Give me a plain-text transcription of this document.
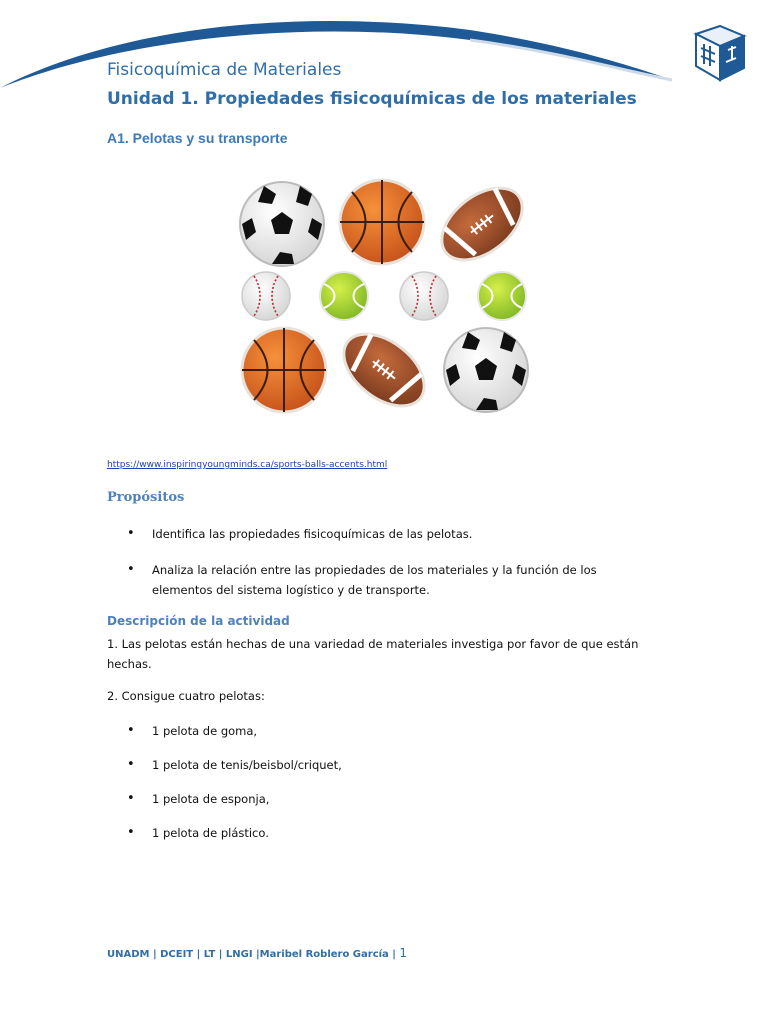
Fisicoquímica de Materiales
Unidad 1. Propiedades fisicoquímicas de los materiales
A1. Pelotas y su transporte
https://www.inspiringyoungminds.ca/sports-balls-accents.html
Propósitos
• Identifica las propiedades fisicoquímicas de las pelotas.
• Analiza la relación entre las propiedades de los materiales y la función de los elementos del sistema logístico y de transporte.
Descripción de la actividad

1. Las pelotas están hechas de una variedad de materiales investiga por favor de que están hechas.

2. Consigue cuatro pelotas:

• 1 pelota de goma,
• 1 pelota de tenis/beisbol/criquet,
• 1 pelota de esponja,
• 1 pelota de plástico.
UNADM | DCEIT | LT | LNGI |Maribel Roblero García | 1
